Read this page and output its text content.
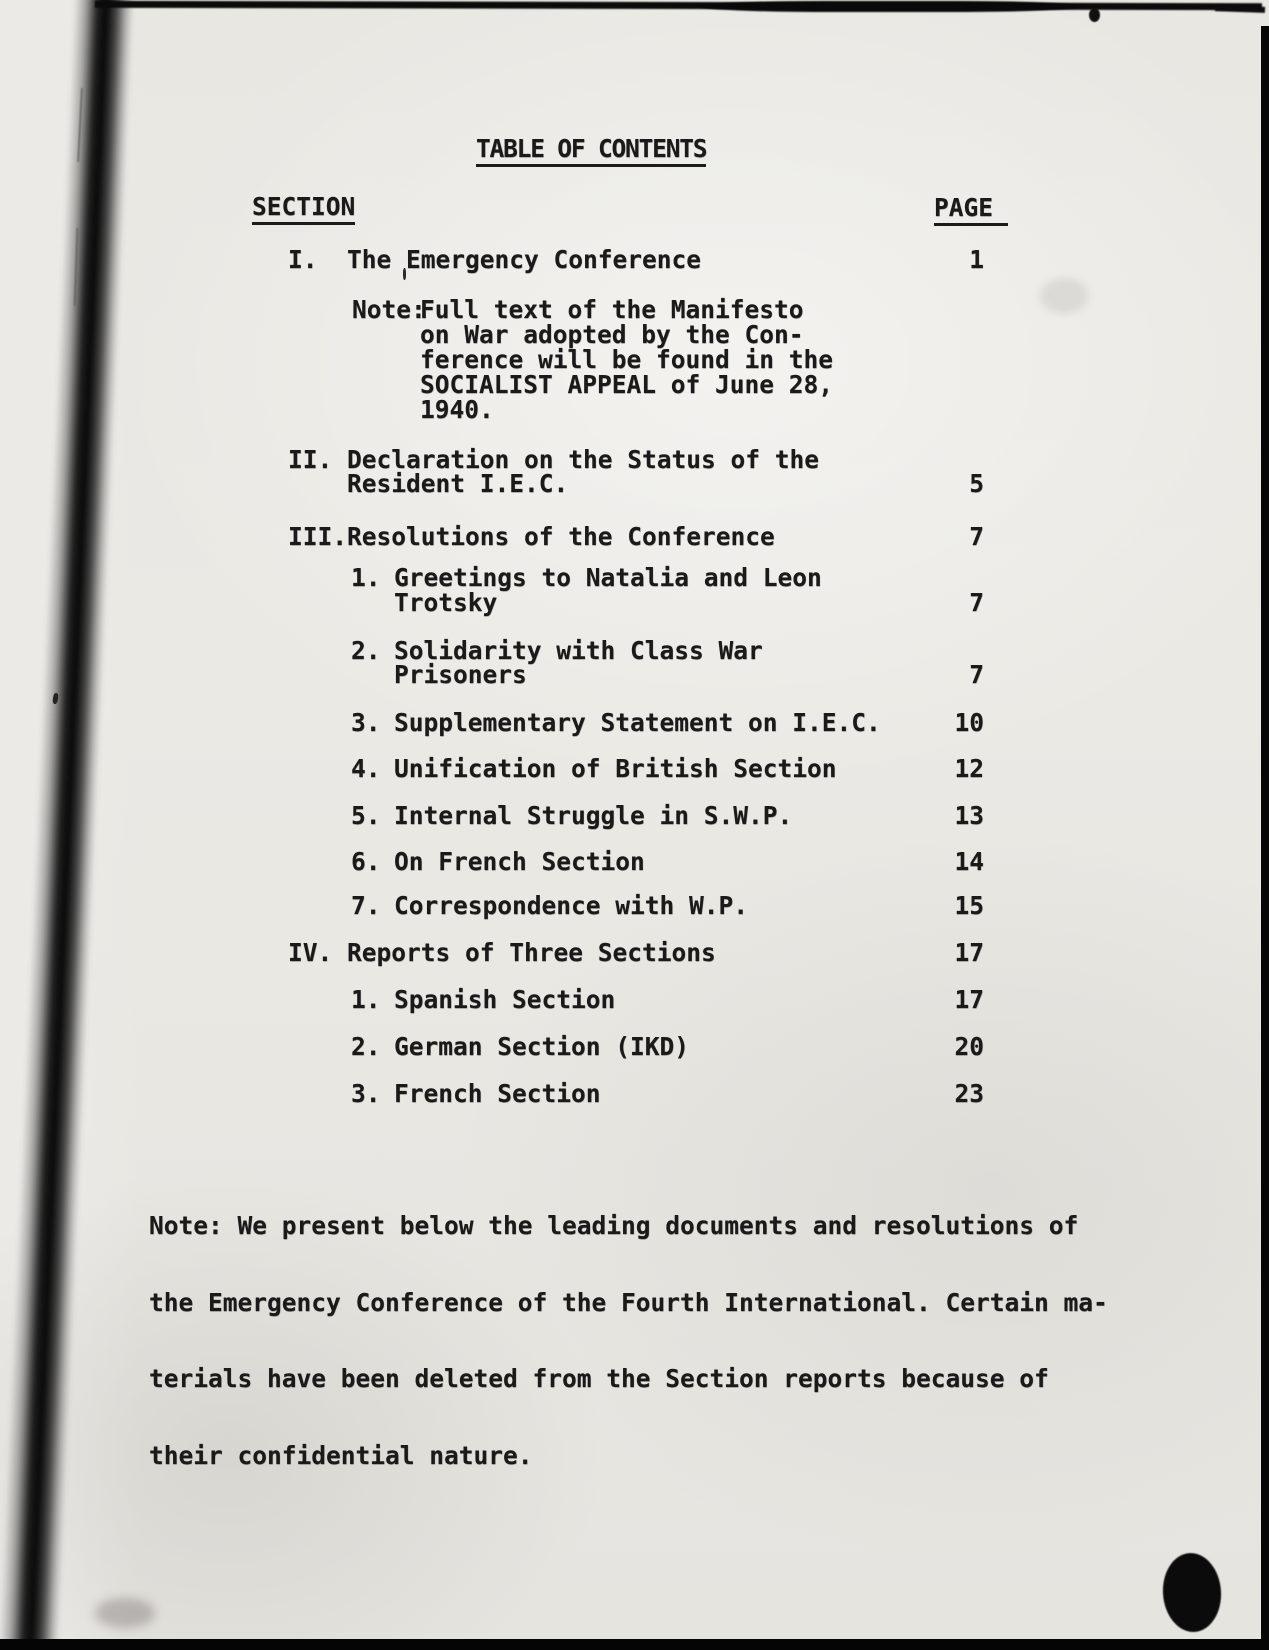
TABLE OF CONTENTS
SECTION	PAGE
I. The Emergency Conference	1
Note:
Full text of the Manifesto
on War adopted by the Con-
ference will be found in the
SOCIALIST APPEAL of June 28,
1940.
II. Declaration on the Status of the
Resident I.E.C.	5
III. Resolutions of the Conference	7
1. Greetings to Natalia and Leon
Trotsky	7
2. Solidarity with Class War
Prisoners	7
3. Supplementary Statement on I.E.C.	10
4. Unification of British Section	12
5. Internal Struggle in S.W.P.	13
6. On French Section	14
7. Correspondence with W.P.	15
IV. Reports of Three Sections	17
1. Spanish Section	17
2. German Section (IKD)	20
3. French Section	23

Note: We present below the leading documents and resolutions of

the Emergency Conference of the Fourth International. Certain ma-

terials have been deleted from the Section reports because of

their confidential nature.
